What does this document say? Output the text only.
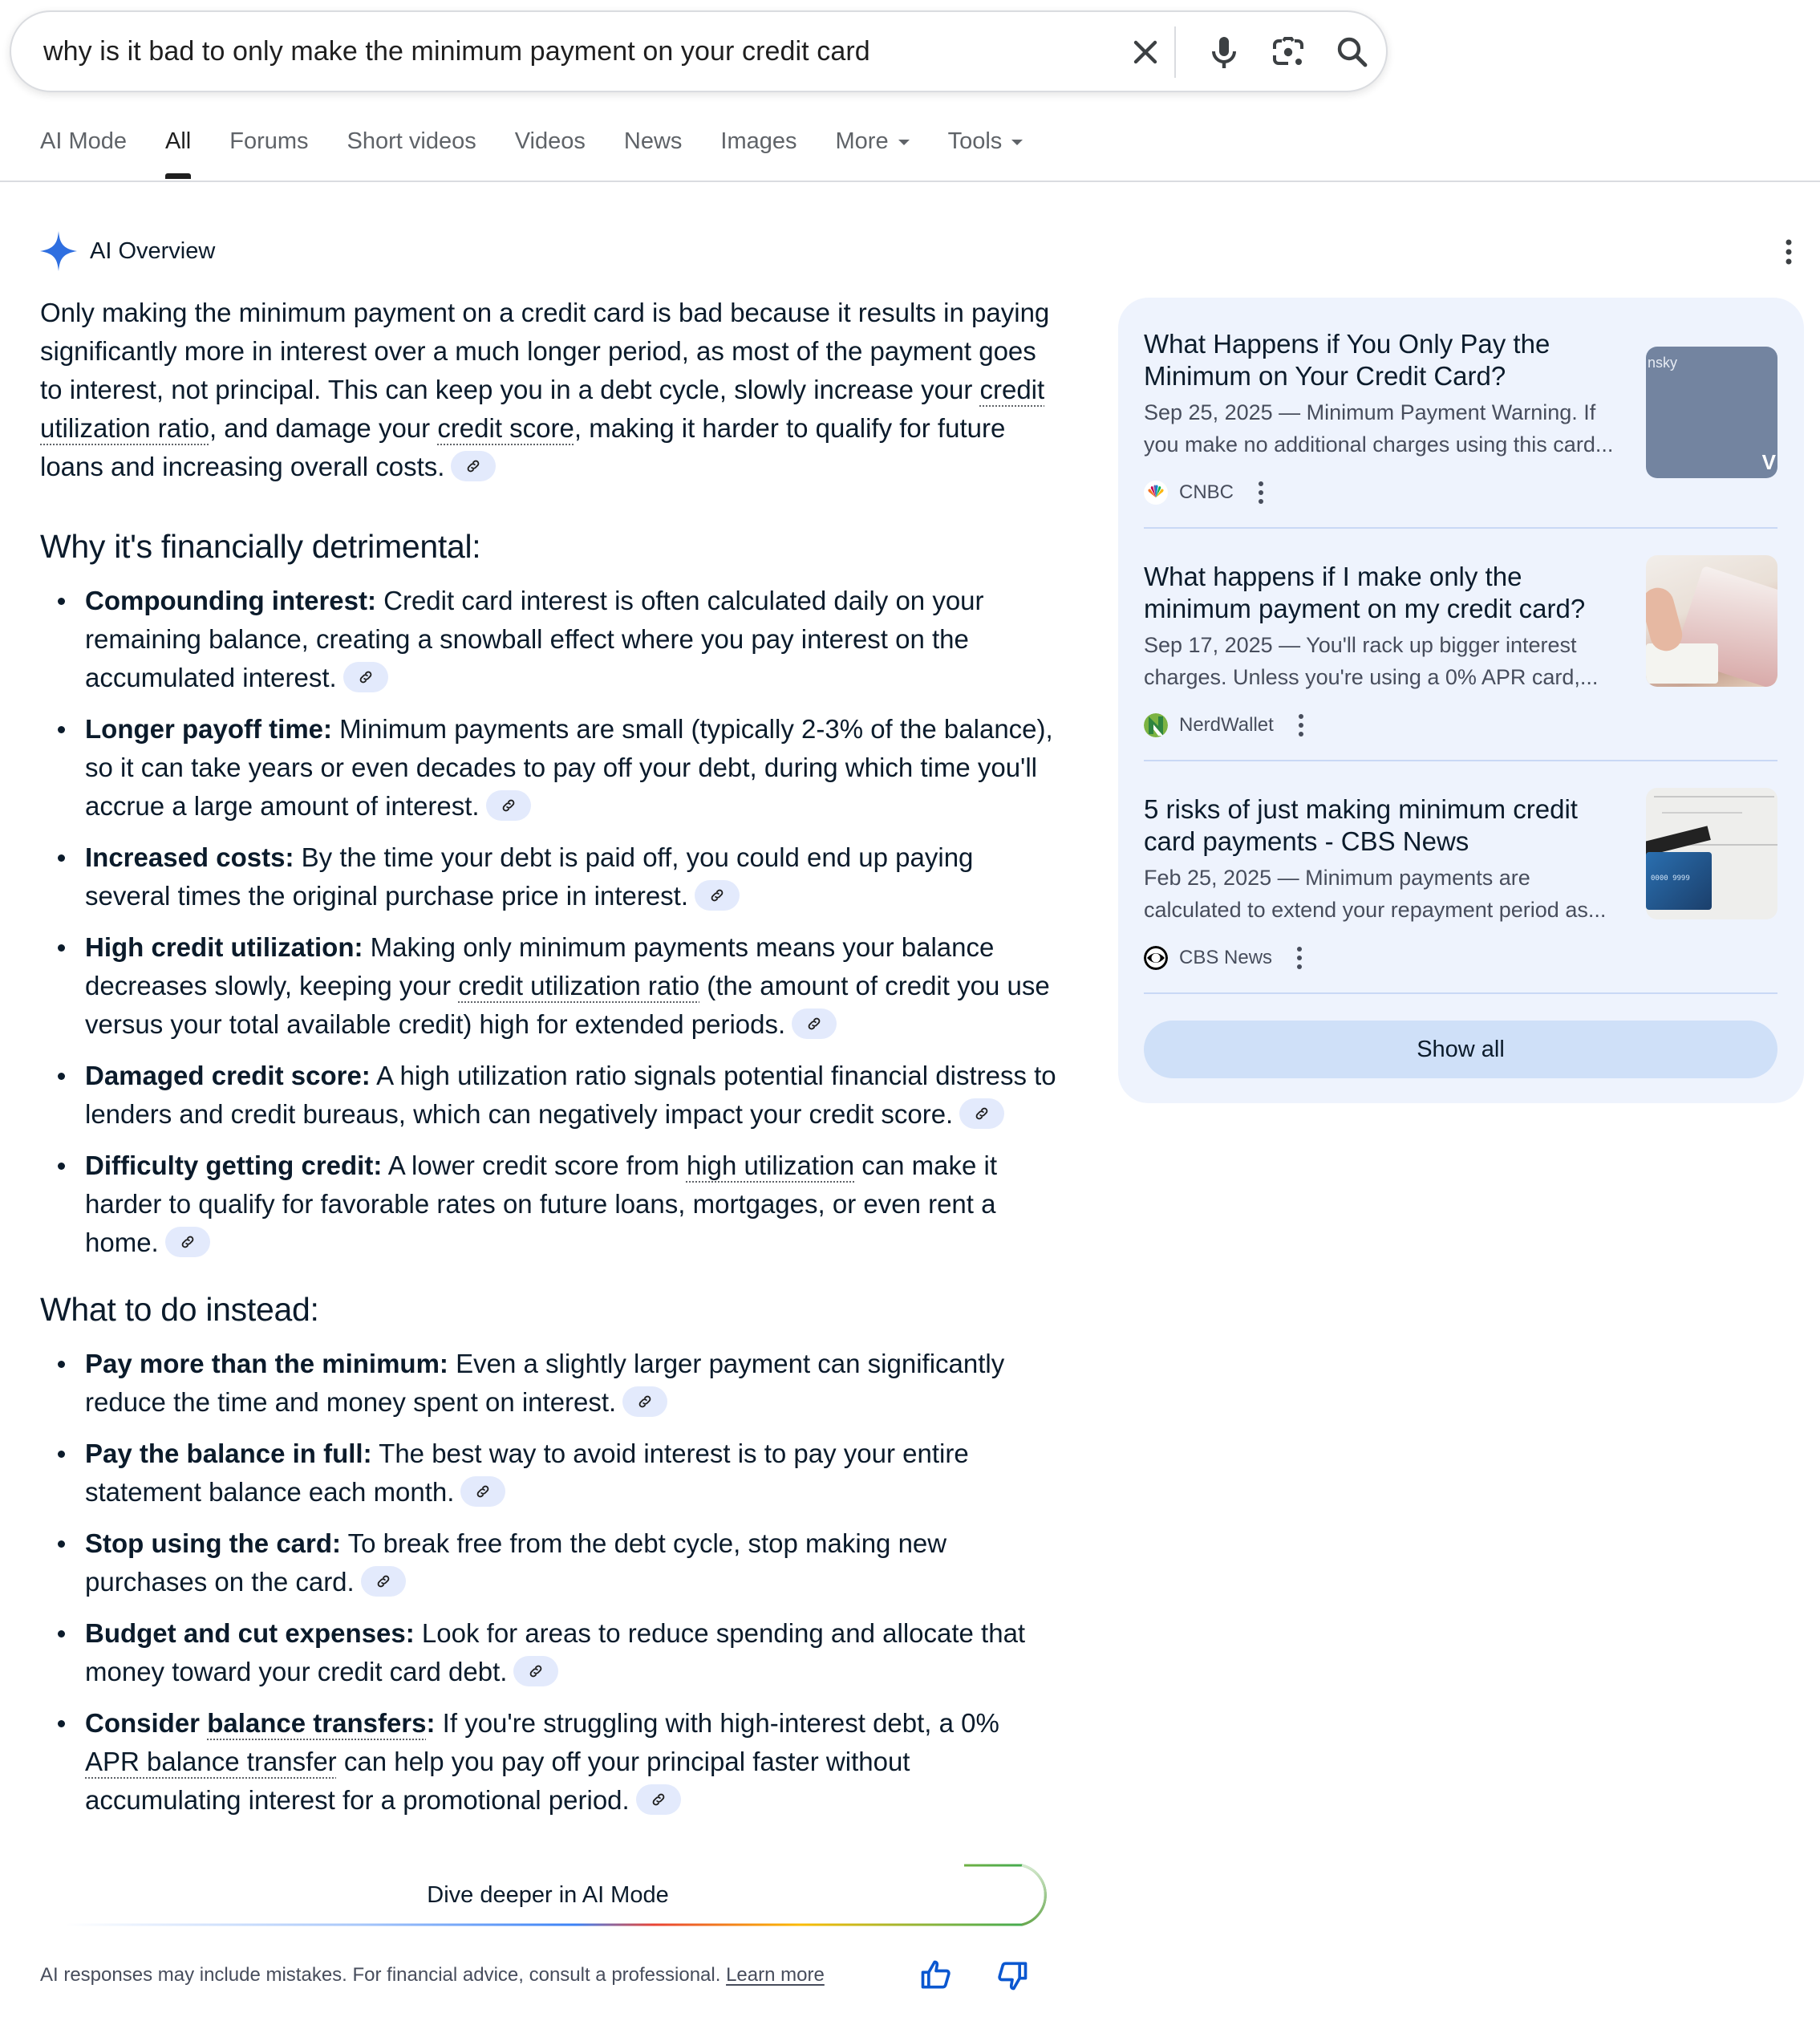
why is it bad to only make the minimum payment on your credit card
AI Mode All Forums Short videos Videos News Images More	Tools
AI Overview

Only making the minimum payment on a credit card is bad because it results in paying significantly more in interest over a much longer period, as most of the payment goes to interest, not principal. This can keep you in a debt cycle, slowly increase your credit utilization ratio, and damage your credit score, making it harder to qualify for future loans and increasing overall costs.

Why it's financially detrimental:
Compounding interest: Credit card interest is often calculated daily on your remaining balance, creating a snowball effect where you pay interest on the accumulated interest.
Longer payoff time: Minimum payments are small (typically 2-3% of the balance), so it can take years or even decades to pay off your debt, during which time you'll accrue a large amount of interest.
Increased costs: By the time your debt is paid off, you could end up paying several times the original purchase price in interest.
High credit utilization: Making only minimum payments means your balance decreases slowly, keeping your credit utilization ratio (the amount of credit you use versus your total available credit) high for extended periods.
Damaged credit score: A high utilization ratio signals potential financial distress to lenders and credit bureaus, which can negatively impact your credit score.
Difficulty getting credit: A lower credit score from high utilization can make it harder to qualify for favorable rates on future loans, mortgages, or even rent a home.
What to do instead:
Pay more than the minimum: Even a slightly larger payment can significantly reduce the time and money spent on interest.
Pay the balance in full: The best way to avoid interest is to pay your entire statement balance each month.
Stop using the card: To break free from the debt cycle, stop making new purchases on the card.
Budget and cut expenses: Look for areas to reduce spending and allocate that money toward your credit card debt.
Consider balance transfers: If you're struggling with high-interest debt, a 0% APR balance transfer can help you pay off your principal faster without accumulating interest for a promotional period.
Dive deeper in AI Mode
AI responses may include mistakes. For financial advice, consult a professional. Learn more
What Happens if You Only Pay the Minimum on Your Credit Card?
Sep 25, 2025 — Minimum Payment Warning. If you make no additional charges using this card...
CNBC
nsky
V
What happens if I make only the minimum payment on my credit card?
Sep 17, 2025 — You'll rack up bigger interest charges. Unless you're using a 0% APR card,...
NerdWallet
5 risks of just making minimum credit card payments - CBS News
Feb 25, 2025 — Minimum payments are calculated to extend your repayment period as...
CBS News
0000 9999
Show all
